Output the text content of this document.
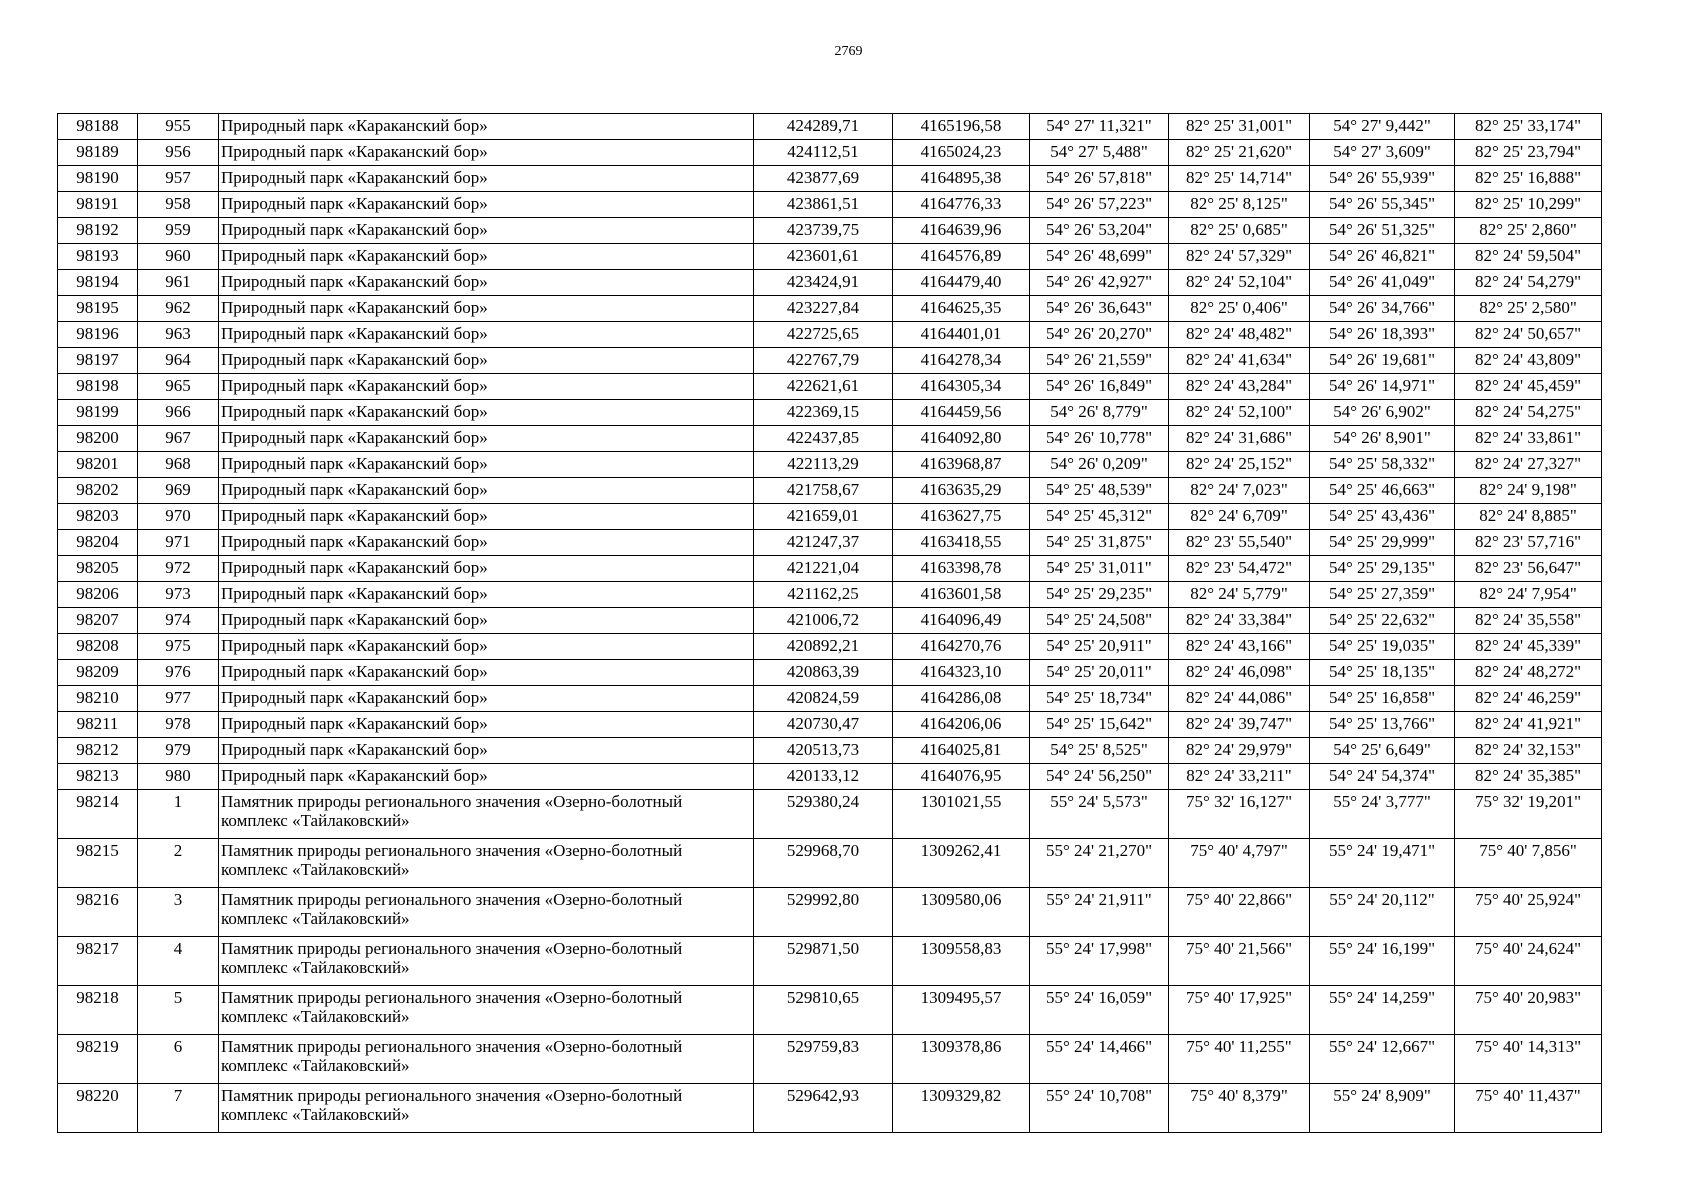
2769
98188	955	Природный парк «Караканский бор»	424289,71	4165196,58	54° 27' 11,321"	82° 25' 31,001"	54° 27' 9,442"	82° 25' 33,174"
98189	956	Природный парк «Караканский бор»	424112,51	4165024,23	54° 27' 5,488"	82° 25' 21,620"	54° 27' 3,609"	82° 25' 23,794"
98190	957	Природный парк «Караканский бор»	423877,69	4164895,38	54° 26' 57,818"	82° 25' 14,714"	54° 26' 55,939"	82° 25' 16,888"
98191	958	Природный парк «Караканский бор»	423861,51	4164776,33	54° 26' 57,223"	82° 25' 8,125"	54° 26' 55,345"	82° 25' 10,299"
98192	959	Природный парк «Караканский бор»	423739,75	4164639,96	54° 26' 53,204"	82° 25' 0,685"	54° 26' 51,325"	82° 25' 2,860"
98193	960	Природный парк «Караканский бор»	423601,61	4164576,89	54° 26' 48,699"	82° 24' 57,329"	54° 26' 46,821"	82° 24' 59,504"
98194	961	Природный парк «Караканский бор»	423424,91	4164479,40	54° 26' 42,927"	82° 24' 52,104"	54° 26' 41,049"	82° 24' 54,279"
98195	962	Природный парк «Караканский бор»	423227,84	4164625,35	54° 26' 36,643"	82° 25' 0,406"	54° 26' 34,766"	82° 25' 2,580"
98196	963	Природный парк «Караканский бор»	422725,65	4164401,01	54° 26' 20,270"	82° 24' 48,482"	54° 26' 18,393"	82° 24' 50,657"
98197	964	Природный парк «Караканский бор»	422767,79	4164278,34	54° 26' 21,559"	82° 24' 41,634"	54° 26' 19,681"	82° 24' 43,809"
98198	965	Природный парк «Караканский бор»	422621,61	4164305,34	54° 26' 16,849"	82° 24' 43,284"	54° 26' 14,971"	82° 24' 45,459"
98199	966	Природный парк «Караканский бор»	422369,15	4164459,56	54° 26' 8,779"	82° 24' 52,100"	54° 26' 6,902"	82° 24' 54,275"
98200	967	Природный парк «Караканский бор»	422437,85	4164092,80	54° 26' 10,778"	82° 24' 31,686"	54° 26' 8,901"	82° 24' 33,861"
98201	968	Природный парк «Караканский бор»	422113,29	4163968,87	54° 26' 0,209"	82° 24' 25,152"	54° 25' 58,332"	82° 24' 27,327"
98202	969	Природный парк «Караканский бор»	421758,67	4163635,29	54° 25' 48,539"	82° 24' 7,023"	54° 25' 46,663"	82° 24' 9,198"
98203	970	Природный парк «Караканский бор»	421659,01	4163627,75	54° 25' 45,312"	82° 24' 6,709"	54° 25' 43,436"	82° 24' 8,885"
98204	971	Природный парк «Караканский бор»	421247,37	4163418,55	54° 25' 31,875"	82° 23' 55,540"	54° 25' 29,999"	82° 23' 57,716"
98205	972	Природный парк «Караканский бор»	421221,04	4163398,78	54° 25' 31,011"	82° 23' 54,472"	54° 25' 29,135"	82° 23' 56,647"
98206	973	Природный парк «Караканский бор»	421162,25	4163601,58	54° 25' 29,235"	82° 24' 5,779"	54° 25' 27,359"	82° 24' 7,954"
98207	974	Природный парк «Караканский бор»	421006,72	4164096,49	54° 25' 24,508"	82° 24' 33,384"	54° 25' 22,632"	82° 24' 35,558"
98208	975	Природный парк «Караканский бор»	420892,21	4164270,76	54° 25' 20,911"	82° 24' 43,166"	54° 25' 19,035"	82° 24' 45,339"
98209	976	Природный парк «Караканский бор»	420863,39	4164323,10	54° 25' 20,011"	82° 24' 46,098"	54° 25' 18,135"	82° 24' 48,272"
98210	977	Природный парк «Караканский бор»	420824,59	4164286,08	54° 25' 18,734"	82° 24' 44,086"	54° 25' 16,858"	82° 24' 46,259"
98211	978	Природный парк «Караканский бор»	420730,47	4164206,06	54° 25' 15,642"	82° 24' 39,747"	54° 25' 13,766"	82° 24' 41,921"
98212	979	Природный парк «Караканский бор»	420513,73	4164025,81	54° 25' 8,525"	82° 24' 29,979"	54° 25' 6,649"	82° 24' 32,153"
98213	980	Природный парк «Караканский бор»	420133,12	4164076,95	54° 24' 56,250"	82° 24' 33,211"	54° 24' 54,374"	82° 24' 35,385"
98214	1	Памятник природы регионального значения «Озерно-болотный комплекс «Тайлаковский»	529380,24	1301021,55	55° 24' 5,573"	75° 32' 16,127"	55° 24' 3,777"	75° 32' 19,201"
98215	2	Памятник природы регионального значения «Озерно-болотный комплекс «Тайлаковский»	529968,70	1309262,41	55° 24' 21,270"	75° 40' 4,797"	55° 24' 19,471"	75° 40' 7,856"
98216	3	Памятник природы регионального значения «Озерно-болотный комплекс «Тайлаковский»	529992,80	1309580,06	55° 24' 21,911"	75° 40' 22,866"	55° 24' 20,112"	75° 40' 25,924"
98217	4	Памятник природы регионального значения «Озерно-болотный комплекс «Тайлаковский»	529871,50	1309558,83	55° 24' 17,998"	75° 40' 21,566"	55° 24' 16,199"	75° 40' 24,624"
98218	5	Памятник природы регионального значения «Озерно-болотный комплекс «Тайлаковский»	529810,65	1309495,57	55° 24' 16,059"	75° 40' 17,925"	55° 24' 14,259"	75° 40' 20,983"
98219	6	Памятник природы регионального значения «Озерно-болотный комплекс «Тайлаковский»	529759,83	1309378,86	55° 24' 14,466"	75° 40' 11,255"	55° 24' 12,667"	75° 40' 14,313"
98220	7	Памятник природы регионального значения «Озерно-болотный комплекс «Тайлаковский»	529642,93	1309329,82	55° 24' 10,708"	75° 40' 8,379"	55° 24' 8,909"	75° 40' 11,437"
